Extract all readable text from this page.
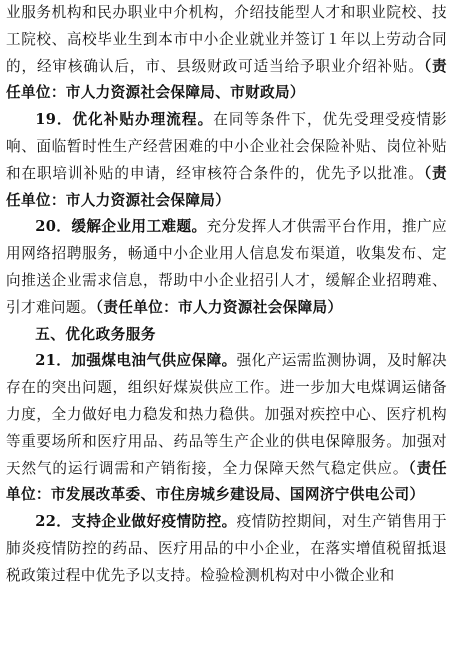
业服务机构和民办职业中介机构，介绍技能型人才和职业院校、技工院校、高校毕业生到本市中小企业就业并签订１年以上劳动合同的，经审核确认后，市、县级财政可适当给予职业介绍补贴。（责任单位：市人力资源社会保障局、市财政局）

19．优化补贴办理流程。在同等条件下，优先受理受疫情影响、面临暂时性生产经营困难的中小企业社会保险补贴、岗位补贴和在职培训补贴的申请，经审核符合条件的，优先予以批准。（责任单位：市人力资源社会保障局）

20．缓解企业用工难题。充分发挥人才供需平台作用，推广应用网络招聘服务，畅通中小企业用人信息发布渠道，收集发布、定向推送企业需求信息，帮助中小企业招引人才，缓解企业招聘难、引才难问题。（责任单位：市人力资源社会保障局）

五、优化政务服务

21．加强煤电油气供应保障。强化产运需监测协调，及时解决存在的突出问题，组织好煤炭供应工作。进一步加大电煤调运储备力度，全力做好电力稳发和热力稳供。加强对疾控中心、医疗机构等重要场所和医疗用品、药品等生产企业的供电保障服务。加强对天然气的运行调需和产销衔接，全力保障天然气稳定供应。（责任单位：市发展改革委、市住房城乡建设局、国网济宁供电公司）

22．支持企业做好疫情防控。疫情防控期间，对生产销售用于肺炎疫情防控的药品、医疗用品的中小企业，在落实增值税留抵退税政策过程中优先予以支持。检验检测机构对中小微企业和
